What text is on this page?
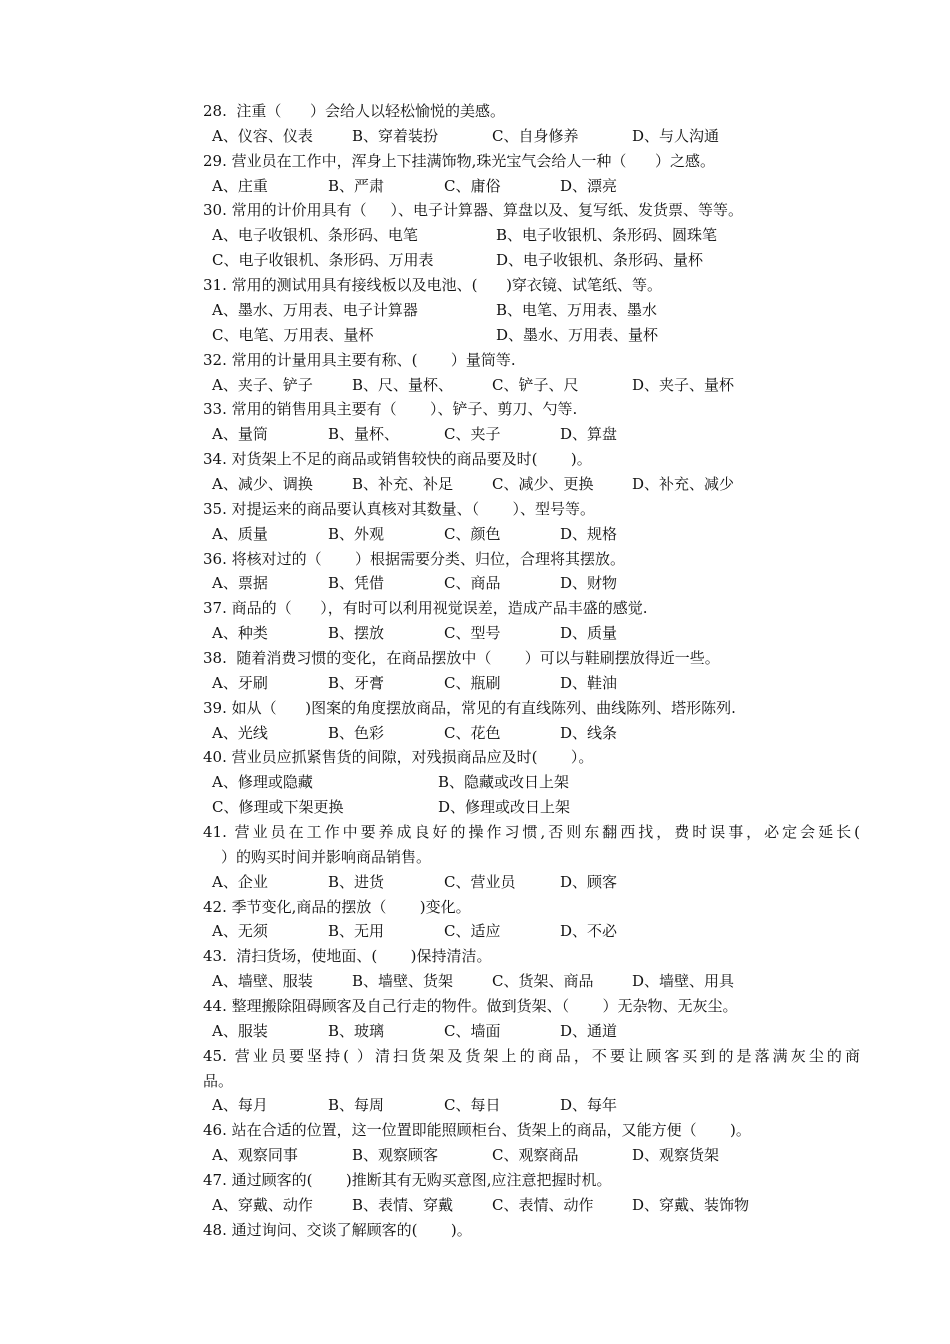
28.  注重（      ）会给人以轻松愉悦的美感。
A、仪容、仪表	B、穿着装扮	C、自身修养	D、与人沟通
29. 营业员在工作中，浑身上下挂满饰物,珠光宝气会给人一种（      ）之感。
A、庄重	B、严肃	C、庸俗	D、漂亮
30. 常用的计价用具有（     ）、电子计算器、算盘以及、复写纸、发货票、等等。
A、电子收银机、条形码、电笔	B、电子收银机、条形码、圆珠笔
C、电子收银机、条形码、万用表	D、电子收银机、条形码、量杯
31. 常用的测试用具有接线板以及电池、(      )穿衣镜、试笔纸、等。
A、墨水、万用表、电子计算器	B、电笔、万用表、墨水
C、电笔、万用表、量杯	D、墨水、万用表、量杯
32. 常用的计量用具主要有称、(       ）量筒等.
A、夹子、铲子	B、尺、量杯、	C、铲子、尺	D、夹子、量杯
33. 常用的销售用具主要有（       ）、铲子、剪刀、勺等.
A、量筒	B、量杯、	C、夹子	D、算盘
34. 对货架上不足的商品或销售较快的商品要及时(       )。
A、减少、调换	B、补充、补足	C、减少、更换	D、补充、减少
35. 对提运来的商品要认真核对其数量、（       ）、型号等。
A、质量	B、外观	C、颜色	D、规格
36. 将核对过的（       ）根据需要分类、归位，合理将其摆放。
A、票据	B、凭借	C、商品	D、财物
37. 商品的（      ），有时可以利用视觉误差，造成产品丰盛的感觉.
A、种类	B、摆放	C、型号	D、质量
38.  随着消费习惯的变化，在商品摆放中（       ）可以与鞋刷摆放得近一些。
A、牙刷	B、牙膏	C、瓶刷	D、鞋油
39. 如从（      )图案的角度摆放商品，常见的有直线陈列、曲线陈列、塔形陈列.
A、光线	B、色彩	C、花色	D、线条
40. 营业员应抓紧售货的间隙，对残损商品应及时(       ）。
A、修理或隐藏	B、隐藏或改日上架
C、修理或下架更换	D、修理或改日上架
41. 营业员在工作中要养成良好的操作习惯,否则东翻西找，费时误事，必定会延长(
）的购买时间并影响商品销售。
A、企业	B、进货	C、营业员	D、顾客
42. 季节变化,商品的摆放（       )变化。
A、无须	B、无用	C、适应	D、不必
43.  清扫货场，使地面、(       )保持清洁。
A、墙壁、服装	B、墙壁、货架	C、货架、商品	D、墙壁、用具
44. 整理搬除阻碍顾客及自己行走的物件。做到货架、（       ）无杂物、无灰尘。
A、服装	B、玻璃	C、墙面	D、通道
45. 营业员要坚持( ）清扫货架及货架上的商品，不要让顾客买到的是落满灰尘的商
品。
A、每月	B、每周	C、每日	D、每年
46. 站在合适的位置，这一位置即能照顾柜台、货架上的商品，又能方便（       )。
A、观察同事	B、观察顾客	C、观察商品	D、观察货架
47. 通过顾客的(       )推断其有无购买意图,应注意把握时机。
A、穿戴、动作	B、表情、穿戴	C、表情、动作	D、穿戴、装饰物
48. 通过询问、交谈了解顾客的(       )。
